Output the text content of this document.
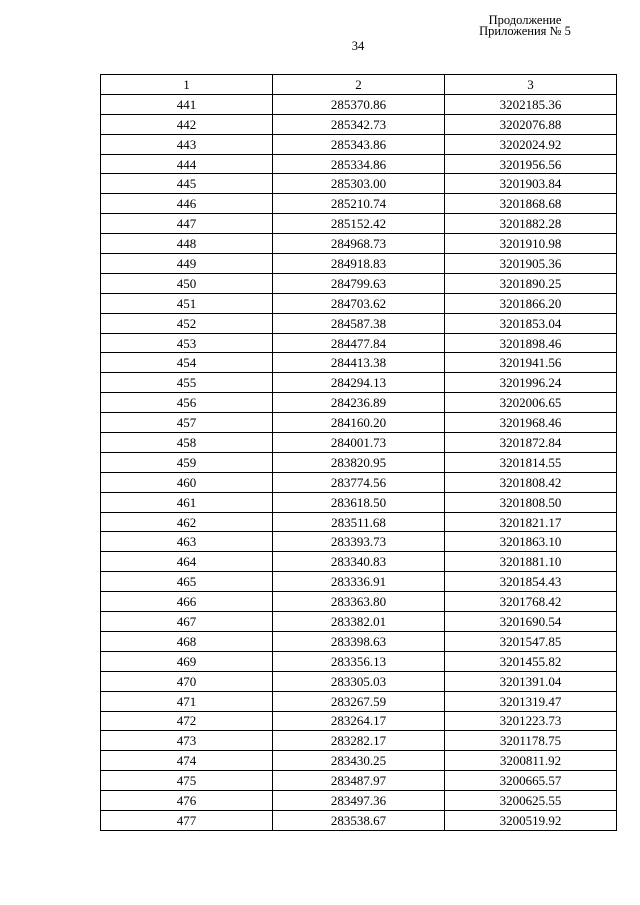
Продолжение
Приложения № 5
34
1	2	3
441	285370.86	3202185.36
442	285342.73	3202076.88
443	285343.86	3202024.92
444	285334.86	3201956.56
445	285303.00	3201903.84
446	285210.74	3201868.68
447	285152.42	3201882.28
448	284968.73	3201910.98
449	284918.83	3201905.36
450	284799.63	3201890.25
451	284703.62	3201866.20
452	284587.38	3201853.04
453	284477.84	3201898.46
454	284413.38	3201941.56
455	284294.13	3201996.24
456	284236.89	3202006.65
457	284160.20	3201968.46
458	284001.73	3201872.84
459	283820.95	3201814.55
460	283774.56	3201808.42
461	283618.50	3201808.50
462	283511.68	3201821.17
463	283393.73	3201863.10
464	283340.83	3201881.10
465	283336.91	3201854.43
466	283363.80	3201768.42
467	283382.01	3201690.54
468	283398.63	3201547.85
469	283356.13	3201455.82
470	283305.03	3201391.04
471	283267.59	3201319.47
472	283264.17	3201223.73
473	283282.17	3201178.75
474	283430.25	3200811.92
475	283487.97	3200665.57
476	283497.36	3200625.55
477	283538.67	3200519.92
